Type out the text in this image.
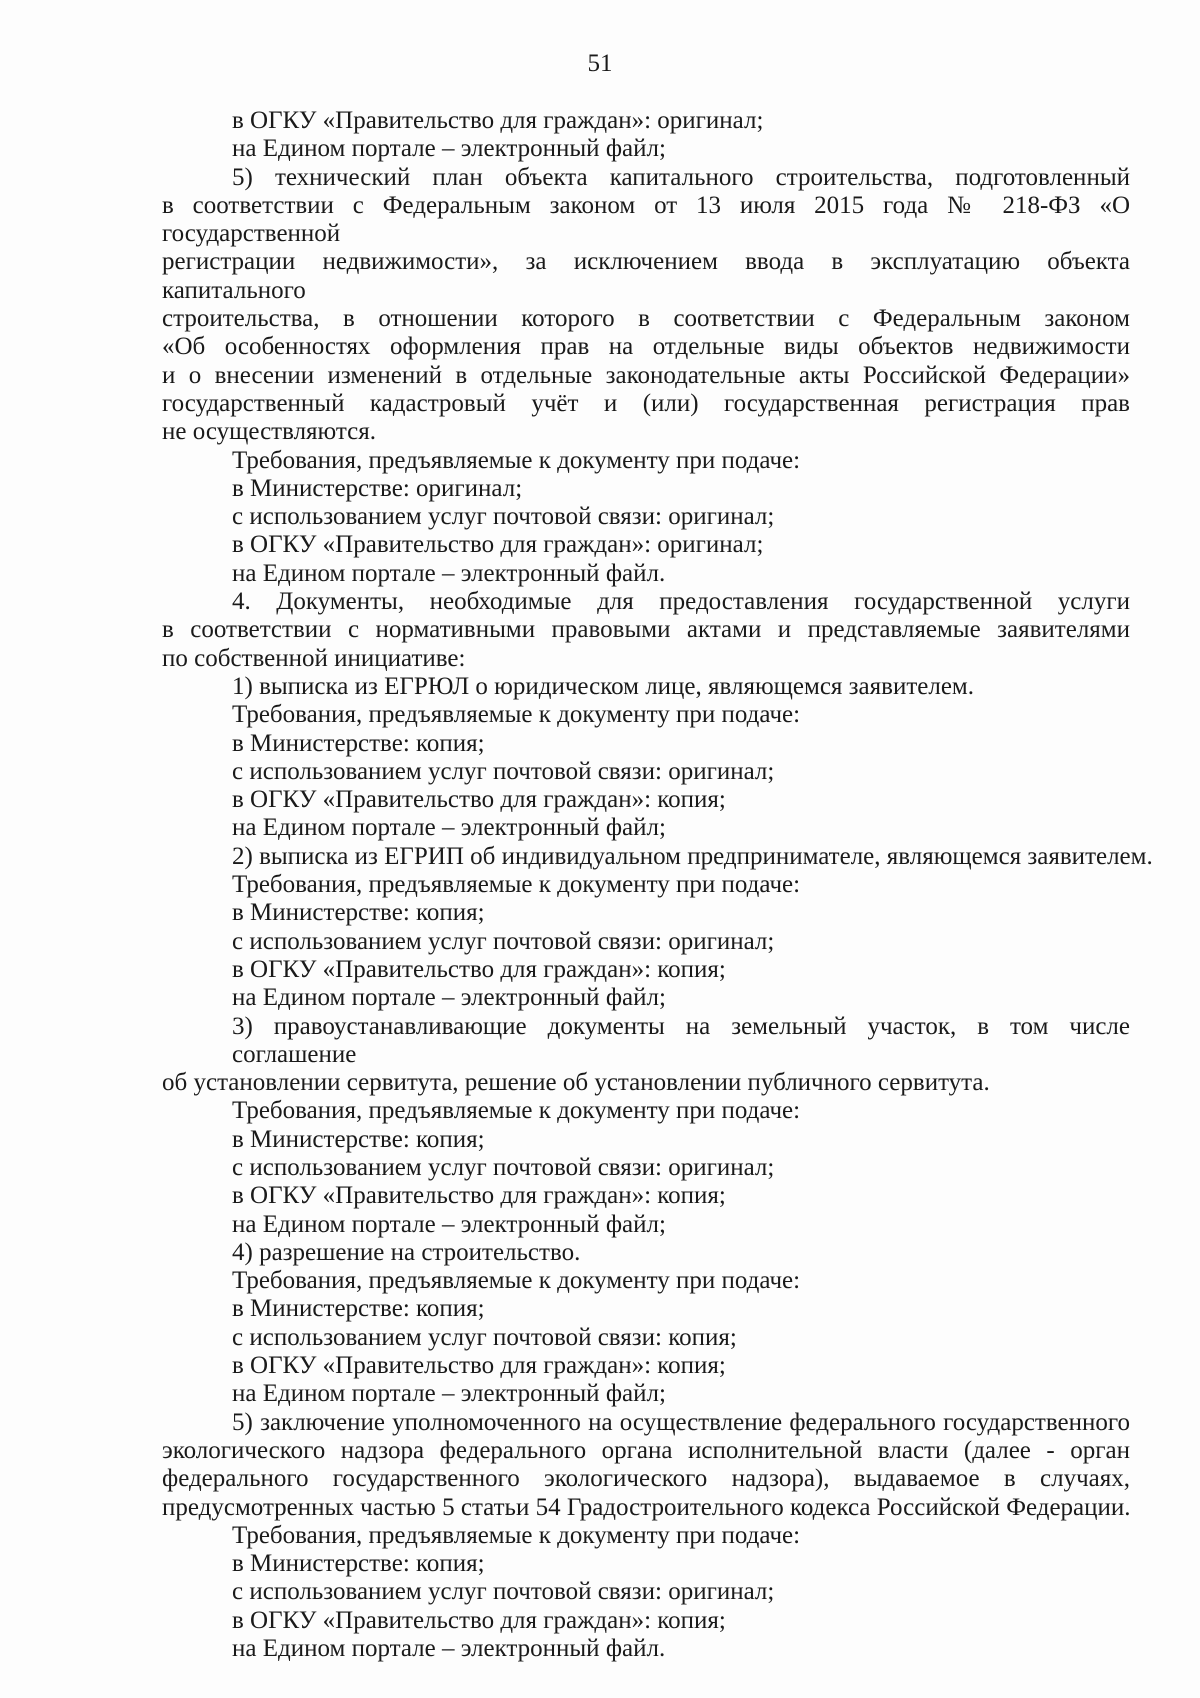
51
в ОГКУ «Правительство для граждан»: оригинал;
на Едином портале – электронный файл;
5) технический план объекта капитального строительства, подготовленный
в соответствии с Федеральным законом от 13 июля 2015 года № 218-ФЗ «О государственной
регистрации недвижимости», за исключением ввода в эксплуатацию объекта капитального
строительства, в отношении которого в соответствии с Федеральным законом
«Об особенностях оформления прав на отдельные виды объектов недвижимости
и о внесении изменений в отдельные законодательные акты Российской Федерации»
государственный кадастровый учёт и (или) государственная регистрация прав
не осуществляются.
Требования, предъявляемые к документу при подаче:
в Министерстве: оригинал;
с использованием услуг почтовой связи: оригинал;
в ОГКУ «Правительство для граждан»: оригинал;
на Едином портале – электронный файл.
4. Документы, необходимые для предоставления государственной услуги
в соответствии с нормативными правовыми актами и представляемые заявителями
по собственной инициативе:
1) выписка из ЕГРЮЛ о юридическом лице, являющемся заявителем.
Требования, предъявляемые к документу при подаче:
в Министерстве: копия;
с использованием услуг почтовой связи: оригинал;
в ОГКУ «Правительство для граждан»: копия;
на Едином портале – электронный файл;
2) выписка из ЕГРИП об индивидуальном предпринимателе, являющемся заявителем.
Требования, предъявляемые к документу при подаче:
в Министерстве: копия;
с использованием услуг почтовой связи: оригинал;
в ОГКУ «Правительство для граждан»: копия;
на Едином портале – электронный файл;
3) правоустанавливающие документы на земельный участок, в том числе соглашение
об установлении сервитута, решение об установлении публичного сервитута.
Требования, предъявляемые к документу при подаче:
в Министерстве: копия;
с использованием услуг почтовой связи: оригинал;
в ОГКУ «Правительство для граждан»: копия;
на Едином портале – электронный файл;
4) разрешение на строительство.
Требования, предъявляемые к документу при подаче:
в Министерстве: копия;
с использованием услуг почтовой связи: копия;
в ОГКУ «Правительство для граждан»: копия;
на Едином портале – электронный файл;
5) заключение уполномоченного на осуществление федерального государственного
экологического надзора федерального органа исполнительной власти (далее - орган
федерального государственного экологического надзора), выдаваемое в случаях,
предусмотренных частью 5 статьи 54 Градостроительного кодекса Российской Федерации.
Требования, предъявляемые к документу при подаче:
в Министерстве: копия;
с использованием услуг почтовой связи: оригинал;
в ОГКУ «Правительство для граждан»: копия;
на Едином портале – электронный файл.
